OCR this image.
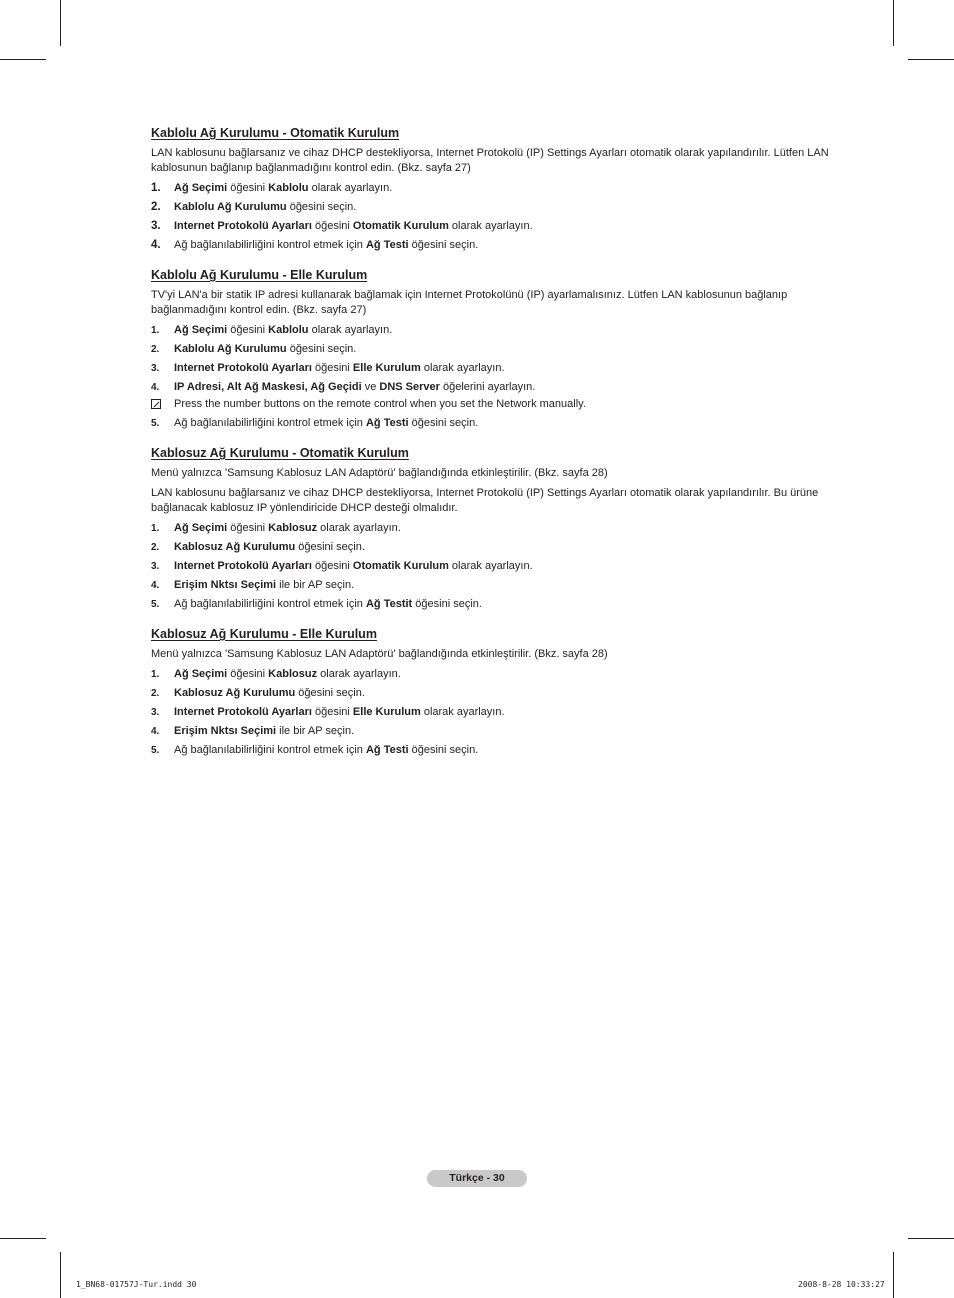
Kablolu Ağ Kurulumu - Otomatik Kurulum

LAN kablosunu bağlarsanız ve cihaz DHCP destekliyorsa, Internet Protokolü (IP) Settings Ayarları otomatik olarak yapılandırılır. Lütfen LAN kablosunun bağlanıp bağlanmadığını kontrol edin. (Bkz. sayfa 27)

1. Ağ Seçimi öğesini Kablolu olarak ayarlayın.
2. Kablolu Ağ Kurulumu öğesini seçin.
3. Internet Protokolü Ayarları öğesini Otomatik Kurulum olarak ayarlayın.
4. Ağ bağlanılabilirliğini kontrol etmek için Ağ Testi öğesini seçin.
Kablolu Ağ Kurulumu - Elle Kurulum

TV'yi LAN'a bir statik IP adresi kullanarak bağlamak için Internet Protokolünü (IP) ayarlamalısınız. Lütfen LAN kablosunun bağlanıp bağlanmadığını kontrol edin. (Bkz. sayfa 27)

1. Ağ Seçimi öğesini Kablolu olarak ayarlayın.
2. Kablolu Ağ Kurulumu öğesini seçin.
3. Internet Protokolü Ayarları öğesini Elle Kurulum olarak ayarlayın.
4. IP Adresi, Alt Ağ Maskesi, Ağ Geçidi ve DNS Server öğelerini ayarlayın.
Press the number buttons on the remote control when you set the Network manually.
5. Ağ bağlanılabilirliğini kontrol etmek için Ağ Testi öğesini seçin.
Kablosuz Ağ Kurulumu - Otomatik Kurulum

Menü yalnızca 'Samsung Kablosuz LAN Adaptörü' bağlandığında etkinleştirilir. (Bkz. sayfa 28)

LAN kablosunu bağlarsanız ve cihaz DHCP destekliyorsa, Internet Protokolü (IP) Settings Ayarları otomatik olarak yapılandırılır. Bu ürüne bağlanacak kablosuz IP yönlendiricide DHCP desteği olmalıdır.

1. Ağ Seçimi öğesini Kablosuz olarak ayarlayın.
2. Kablosuz Ağ Kurulumu öğesini seçin.
3. Internet Protokolü Ayarları öğesini Otomatik Kurulum olarak ayarlayın.
4. Erişim Nktsı Seçimi ile bir AP seçin.
5. Ağ bağlanılabilirliğini kontrol etmek için Ağ Testit öğesini seçin.
Kablosuz Ağ Kurulumu - Elle Kurulum

Menü yalnızca 'Samsung Kablosuz LAN Adaptörü' bağlandığında etkinleştirilir. (Bkz. sayfa 28)

1. Ağ Seçimi öğesini Kablosuz olarak ayarlayın.
2. Kablosuz Ağ Kurulumu öğesini seçin.
3. Internet Protokolü Ayarları öğesini Elle Kurulum olarak ayarlayın.
4. Erişim Nktsı Seçimi ile bir AP seçin.
5. Ağ bağlanılabilirliğini kontrol etmek için Ağ Testi öğesini seçin.
Türkçe - 30
1_BN68-01757J-Tur.indd 30	2008-8-28 10:33:27
